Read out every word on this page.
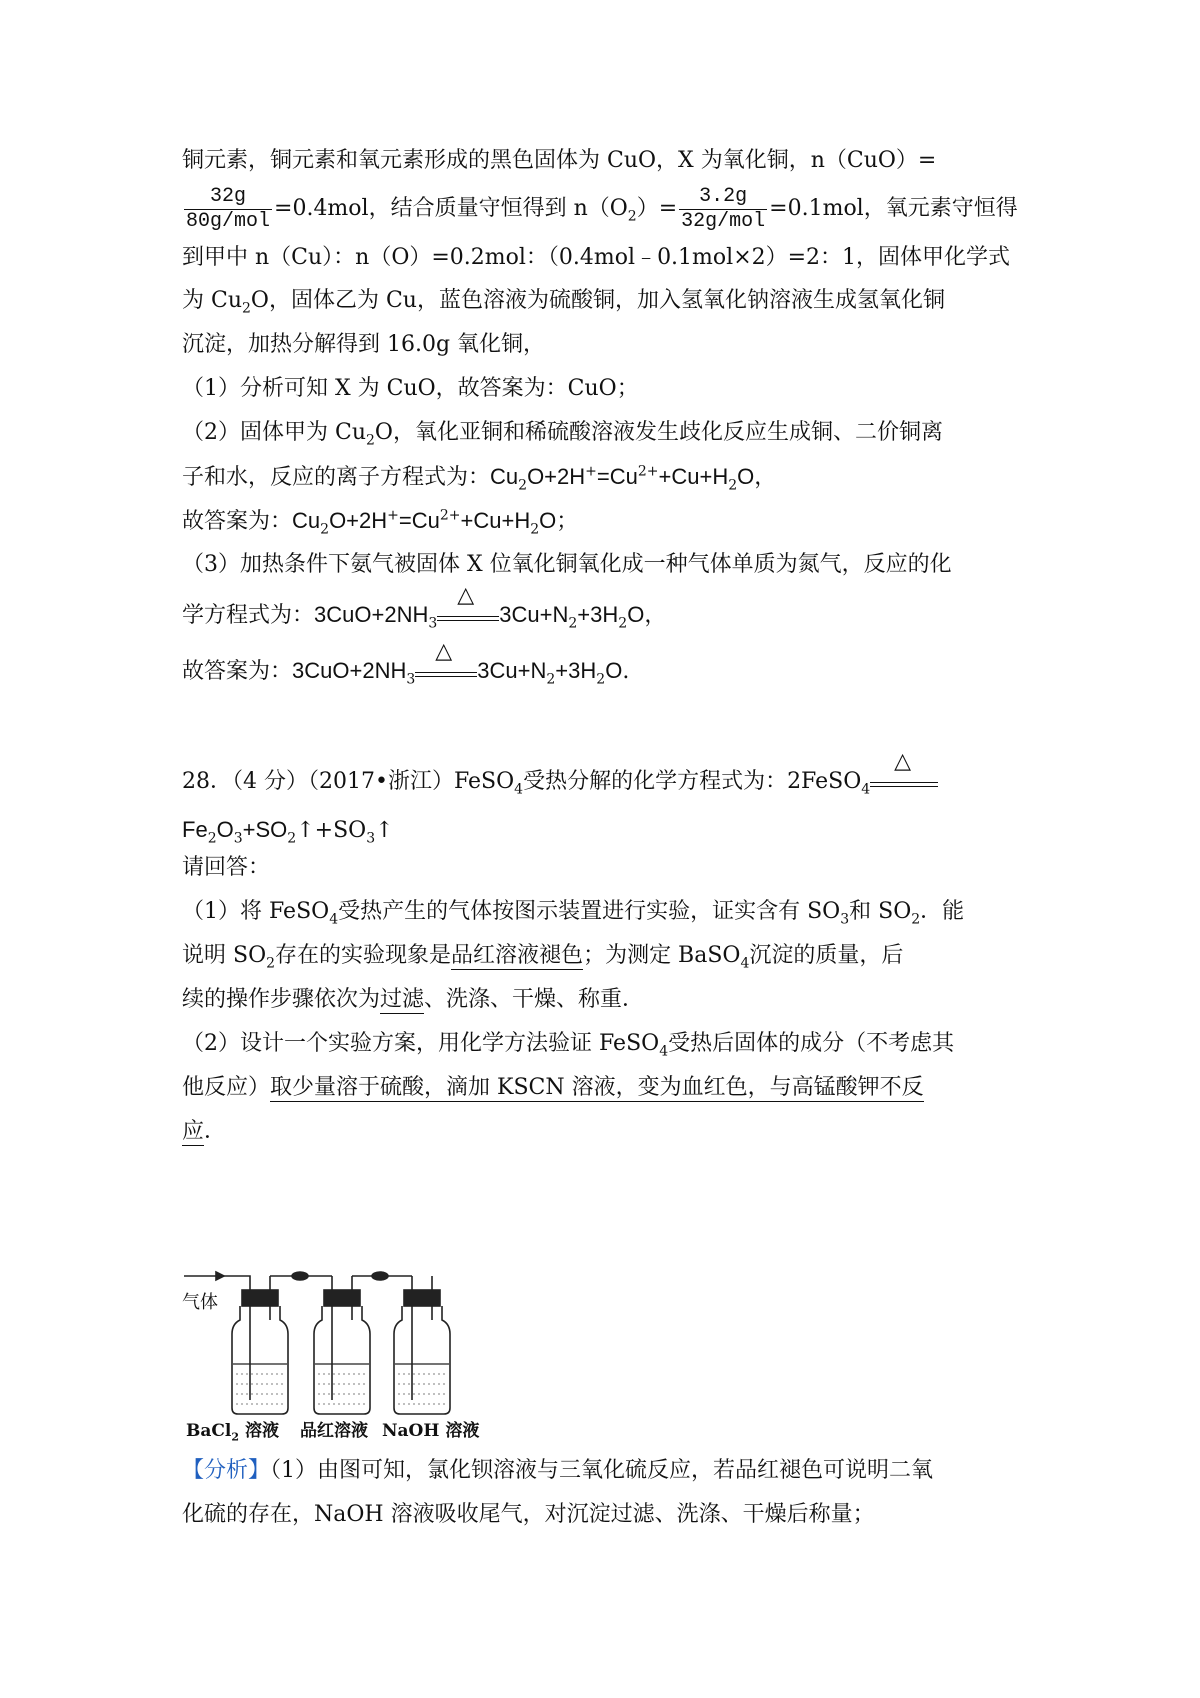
铜元素，铜元素和氧元素形成的黑色固体为 CuO，X 为氧化铜，n（CuO）=
$\frac{32g}{\text{80g/mol}} =0.4mol$，结合质量守恒得到 $n(O_2)= \frac{3.2g}{\text{32g/mol}} =0.1mol$，氧元素守恒得
到甲中 n（Cu）：n（O）=0.2mol：（0.4mol﹣0.1mol×2）=2：1，固体甲化学式
为 $Cu_2O$，固体乙为 Cu，蓝色溶液为硫酸铜，加入氢氧化钠溶液生成氢氧化铜
沉淀，加热分解得到 16.0g 氧化铜，
（1）分析可知 X 为 CuO，故答案为：CuO；
（2）固体甲为 $Cu_2O$，氧化亚铜和稀硫酸溶液发生歧化反应生成铜、二价铜离
子和水，反应的离子方程式为：$Cu_2O+2H^+=Cu^{2+}+Cu+H_2O$，
故答案为：$Cu_2O+2H^+=Cu^{2+}+Cu+H_2O$；
（3）加热条件下氨气被固体 X 位氧化铜氧化成一种气体单质为氮气，反应的化
学方程式为：$3CuO+2NH_3$
△
$3Cu+N_2+3H_2O$，
故答案为：$3CuO+2NH_3$
△
$3Cu+N_2+3H_2O$.
28．（4 分）（2017•浙江）FeSO$_4$受热分解的化学方程式为：2FeSO$_4$
△
$Fe_2O_3+SO_2↑+SO_3↑$
请回答：
（1）将 FeSO$_4$受热产生的气体按图示装置进行实验，证实含有 $SO_3$和 $SO_2$．能
说明 $SO_2$存在的实验现象是品红溶液褪色；为测定 BaSO$_4$沉淀的质量，后
续的操作步骤依次为过滤、洗涤、干燥、称重．
（2）设计一个实验方案，用化学方法验证 FeSO$_4$受热后固体的成分（不考虑其
他反应）取少量溶于硫酸，滴加 KSCN 溶液，变为血红色，与高锰酸钾不反
应．
气体
BaCl$_2$ 溶液 品红溶液 NaOH 溶液
【分析】（1）由图可知，氯化钡溶液与三氧化硫反应，若品红褪色可说明二氧
化硫的存在，NaOH 溶液吸收尾气，对沉淀过滤、洗涤、干燥后称量；
